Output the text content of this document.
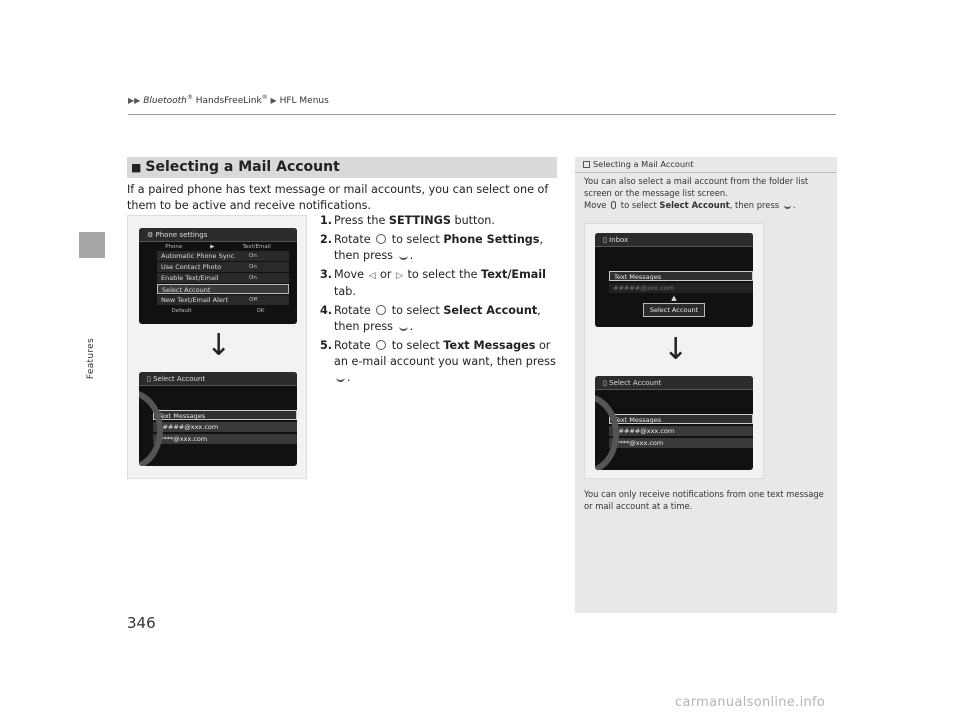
▶▶ Bluetooth® HandsFreeLink® ▶ HFL Menus
Features
■ Selecting a Mail Account

If a paired phone has text message or mail accounts, you can select one of them to be active and receive notifications.

⚙ Phone settings
Phone	▶	Text/Email
Automatic Phone Sync	On
Use Contact Photo	On
Enable Text/Email	On
Select Account
New Text/Email Alert	Off
Default	OK
↓
▯ Select Account
Text Messages
#####@xxx.com
*****@xxx.com
1. Press the SETTINGS button.
2. Rotate  to select Phone Settings, then press .
3. Move ◁ or ▷ to select the Text/Email tab.
4. Rotate  to select Select Account, then press .
5. Rotate  to select Text Messages or an e-mail account you want, then press .
Selecting a Mail Account

You can also select a mail account from the folder list screen or the message list screen.
Move  to select Select Account, then press .

▯ Inbox
Text Messages
#####@xxx.com
▲
Select Account
↓
▯ Select Account
Text Messages
#####@xxx.com
*****@xxx.com

You can only receive notifications from one text message or mail account at a time.

346
carmanualsonline.info
